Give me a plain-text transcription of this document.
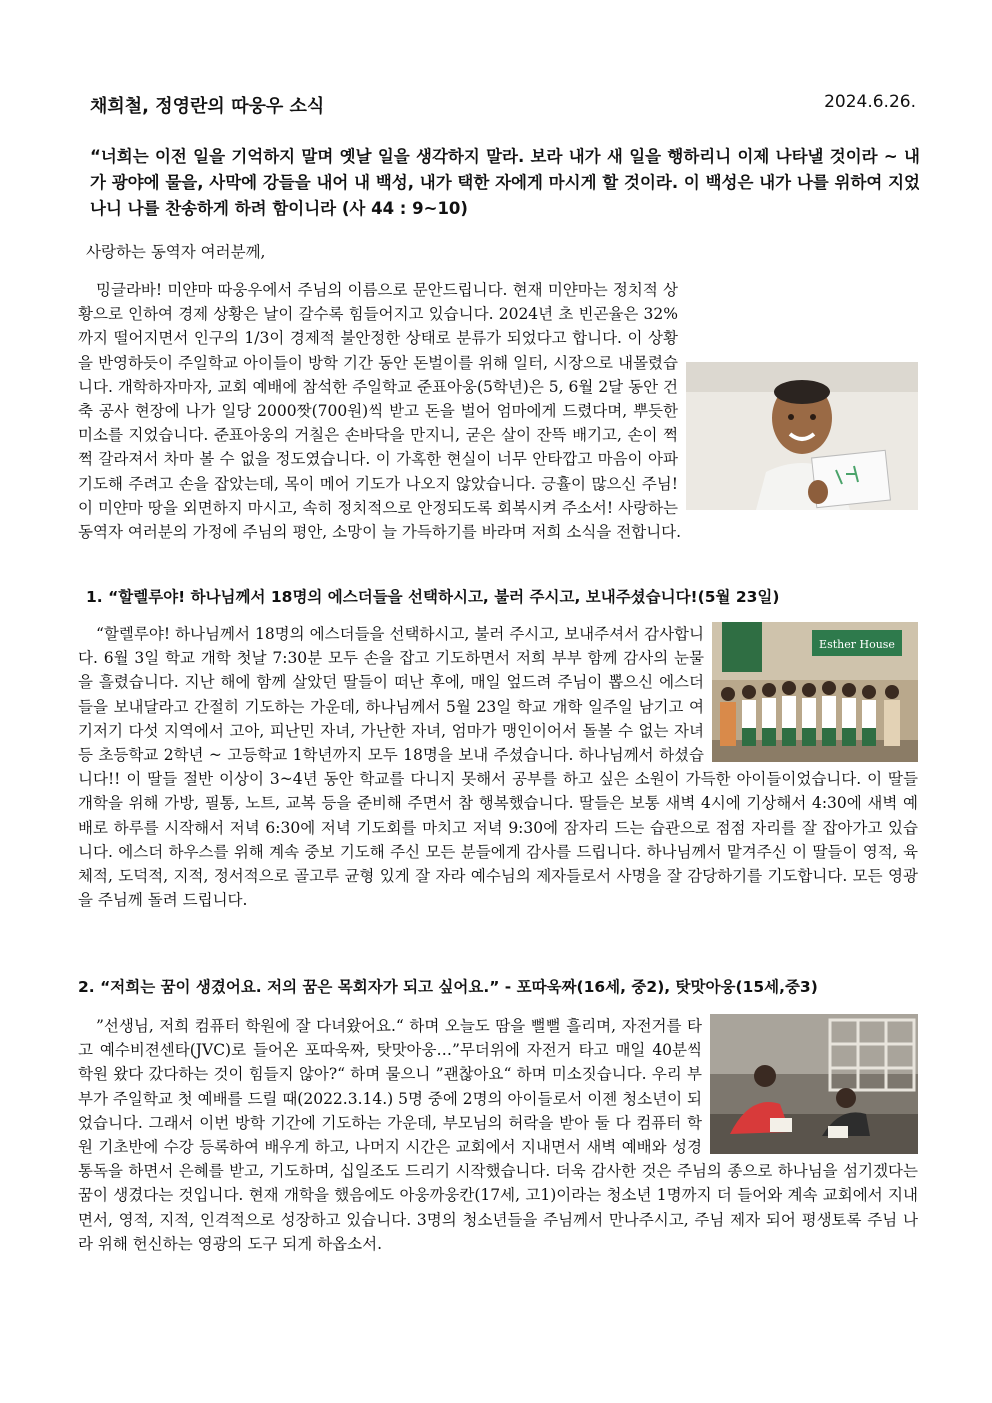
채희철, 정영란의 따웅우 소식	2024.6.26.
“너희는 이전 일을 기억하지 말며 옛날 일을 생각하지 말라. 보라 내가 새 일을 행하리니 이제 나타낼 것이라 ~ 내가 광야에 물을, 사막에 강들을 내어 내 백성, 내가 택한 자에게 마시게 할 것이라. 이 백성은 내가 나를 위하여 지었나니 나를 찬송하게 하려 함이니라 (사 44 : 9~10)
사랑하는 동역자 여러분께,
밍글라바! 미얀마 따웅우에서 주님의 이름으로 문안드립니다. 현재 미얀마는 정치적 상황으로 인하여 경제 상황은 날이 갈수록 힘들어지고 있습니다. 2024년 초 빈곤율은 32%까지 떨어지면서 인구의 1/3이 경제적 불안정한 상태로 분류가 되었다고 합니다. 이 상황을 반영하듯이 주일학교 아이들이 방학 기간 동안 돈벌이를 위해 일터, 시장으로 내몰렸습니다. 개학하자마자, 교회 예배에 참석한 주일학교 준표아웅(5학년)은 5, 6월 2달 동안 건축 공사 현장에 나가 일당 2000짯(700원)씩 받고 돈을 벌어 엄마에게 드렸다며, 뿌듯한 미소를 지었습니다. 준표아웅의 거칠은 손바닥을 만지니, 굳은 살이 잔뜩 배기고, 손이 쩍쩍 갈라져서 차마 볼 수 없을 정도였습니다. 이 가혹한 현실이 너무 안타깝고 마음이 아파 기도해 주려고 손을 잡았는데, 목이 메어 기도가 나오지 않았습니다. 긍휼이 많으신 주님! 이 미얀마 땅을 외면하지 마시고, 속히 정치적으로 안정되도록 회복시켜 주소서! 사랑하는 동역자 여러분의 가정에 주님의 평안, 소망이 늘 가득하기를 바라며 저희 소식을 전합니다.
1. “할렐루야! 하나님께서 18명의 에스더들을 선택하시고, 불러 주시고, 보내주셨습니다!(5월 23일)
Esther House
“할렐루야! 하나님께서 18명의 에스더들을 선택하시고, 불러 주시고, 보내주셔서 감사합니다. 6월 3일 학교 개학 첫날 7:30분 모두 손을 잡고 기도하면서 저희 부부 함께 감사의 눈물을 흘렸습니다. 지난 해에 함께 살았던 딸들이 떠난 후에, 매일 엎드려 주님이 뽑으신 에스더들을 보내달라고 간절히 기도하는 가운데, 하나님께서 5월 23일 학교 개학 일주일 남기고 여기저기 다섯 지역에서 고아, 피난민 자녀, 가난한 자녀, 엄마가 맹인이어서 돌볼 수 없는 자녀 등 초등학교 2학년 ~ 고등학교 1학년까지 모두 18명을 보내 주셨습니다. 하나님께서 하셨습니다!! 이 딸들 절반 이상이 3~4년 동안 학교를 다니지 못해서 공부를 하고 싶은 소원이 가득한 아이들이었습니다. 이 딸들 개학을 위해 가방, 필통, 노트, 교복 등을 준비해 주면서 참 행복했습니다. 딸들은 보통 새벽 4시에 기상해서 4:30에 새벽 예배로 하루를 시작해서 저녁 6:30에 저녁 기도회를 마치고 저녁 9:30에 잠자리 드는 습관으로 점점 자리를 잘 잡아가고 있습니다. 에스더 하우스를 위해 계속 중보 기도해 주신 모든 분들에게 감사를 드립니다. 하나님께서 맡겨주신 이 딸들이 영적, 육체적, 도덕적, 지적, 정서적으로 골고루 균형 있게 잘 자라 예수님의 제자들로서 사명을 잘 감당하기를 기도합니다. 모든 영광을 주님께 돌려 드립니다.
2. “저희는 꿈이 생겼어요. 저의 꿈은 목회자가 되고 싶어요.” - 포따욱짜(16세, 중2), 탓맛아웅(15세,중3)
”선생님, 저희 컴퓨터 학원에 잘 다녀왔어요.“ 하며 오늘도 땀을 뻘뻘 흘리며, 자전거를 타고 예수비젼센타(JVC)로 들어온 포따욱짜, 탓맛아웅…”무더위에 자전거 타고 매일 40분씩 학원 왔다 갔다하는 것이 힘들지 않아?“ 하며 물으니 ”괜찮아요“ 하며 미소짓습니다. 우리 부부가 주일학교 첫 예배를 드릴 때(2022.3.14.) 5명 중에 2명의 아이들로서 이젠 청소년이 되었습니다. 그래서 이번 방학 기간에 기도하는 가운데, 부모님의 허락을 받아 둘 다 컴퓨터 학원 기초반에 수강 등록하여 배우게 하고, 나머지 시간은 교회에서 지내면서 새벽 예배와 성경 통독을 하면서 은혜를 받고, 기도하며, 십일조도 드리기 시작했습니다. 더욱 감사한 것은 주님의 종으로 하나님을 섬기겠다는 꿈이 생겼다는 것입니다. 현재 개학을 했음에도 아웅까웅칸(17세, 고1)이라는 청소년 1명까지 더 들어와 계속 교회에서 지내면서, 영적, 지적, 인격적으로 성장하고 있습니다. 3명의 청소년들을 주님께서 만나주시고, 주님 제자 되어 평생토록 주님 나라 위해 헌신하는 영광의 도구 되게 하옵소서.
